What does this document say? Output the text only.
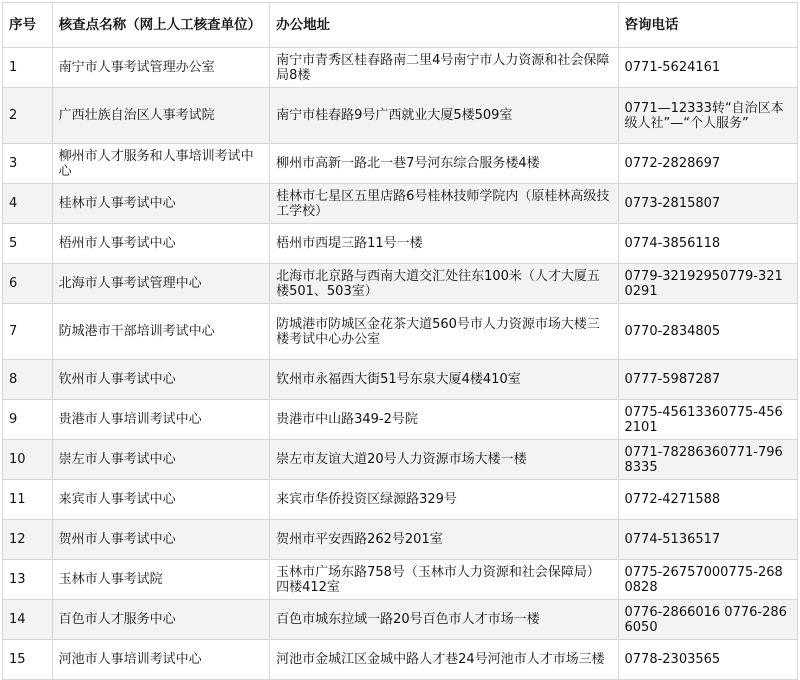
序号	核查点名称（网上人工核查单位）	办公地址	咨询电话
1	南宁市人事考试管理办公室	南宁市青秀区桂春路南二里4号南宁市人力资源和社会保障局8楼	0771-5624161
2	广西壮族自治区人事考试院	南宁市桂春路9号广西就业大厦5楼509室	0771—12333转“自治区本级人社”—“个人服务”
3	柳州市人才服务和人事培训考试中心	柳州市高新一路北一巷7号河东综合服务楼4楼	0772-2828697
4	桂林市人事考试中心	桂林市七星区五里店路6号桂林技师学院内（原桂林高级技工学校）	0773-2815807
5	梧州市人事考试中心	梧州市西堤三路11号一楼	0774-3856118
6	北海市人事考试管理中心	北海市北京路与西南大道交汇处往东100米（人才大厦五楼501、503室）	0779-32192950779-3210291
7	防城港市干部培训考试中心	防城港市防城区金花茶大道560号市人力资源市场大楼三楼考试中心办公室	0770-2834805
8	钦州市人事考试中心	钦州市永福西大街51号东泉大厦4楼410室	0777-5987287
9	贵港市人事培训考试中心	贵港市中山路349-2号院	0775-45613360775-4562101
10	崇左市人事考试中心	崇左市友谊大道20号人力资源市场大楼一楼	0771-78286360771-7968335
11	来宾市人事考试中心	来宾市华侨投资区绿源路329号	0772-4271588
12	贺州市人事考试中心	贺州市平安西路262号201室	0774-5136517
13	玉林市人事考试院	玉林市广场东路758号（玉林市人力资源和社会保障局）四楼412室	0775-26757000775-2680828
14	百色市人才服务中心	百色市城东拉域一路20号百色市人才市场一楼	0776-2866016 0776-2866050
15	河池市人事培训考试中心	河池市金城江区金城中路人才巷24号河池市人才市场三楼	0778-2303565
